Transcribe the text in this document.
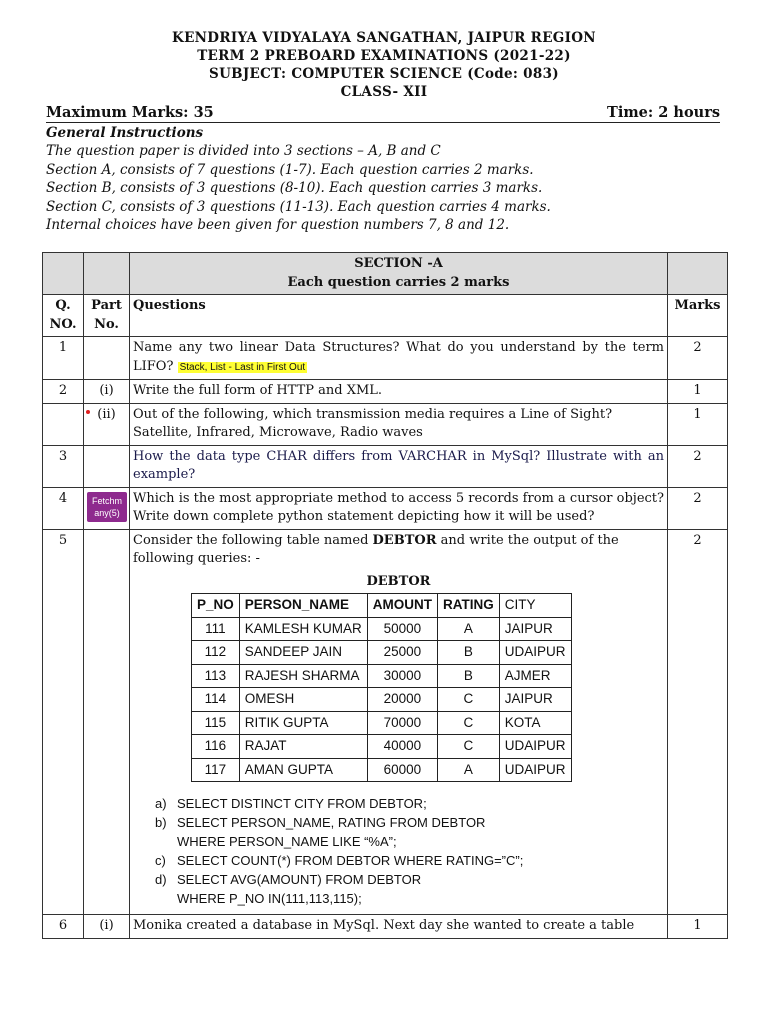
KENDRIYA VIDYALAYA SANGATHAN, JAIPUR REGION
TERM 2 PREBOARD EXAMINATIONS (2021-22)
SUBJECT: COMPUTER SCIENCE (Code: 083)
CLASS- XII
Maximum Marks: 35	Time: 2 hours
General Instructions
The question paper is divided into 3 sections – A, B and C
Section A, consists of 7 questions (1-7). Each question carries 2 marks.
Section B, consists of 3 questions (8-10). Each question carries 3 marks.
Section C, consists of 3 questions (11-13). Each question carries 4 marks.
Internal choices have been given for question numbers 7, 8 and 12.

SECTION -A
Each question carries 2 marks

Q. NO.	Part No.	Questions	Marks
1		Name any two linear Data Structures? What do you understand by the term LIFO? Stack, List - Last in First Out	2
2	(i)	Write the full form of HTTP and XML.	1
	(ii)	Out of the following, which transmission media requires a Line of Sight? Satellite, Infrared, Microwave, Radio waves	1
3		How the data type CHAR differs from VARCHAR in MySql? Illustrate with an example?	2
4	Fetchm any(5)	Which is the most appropriate method to access 5 records from a cursor object? Write down complete python statement depicting how it will be used?	2
5		Consider the following table named DEBTOR and write the output of the following queries: -
DEBTOR
P_NO	PERSON_NAME	AMOUNT	RATING	CITY
111	KAMLESH KUMAR	50000	A	JAIPUR
112	SANDEEP JAIN	25000	B	UDAIPUR
113	RAJESH SHARMA	30000	B	AJMER
114	OMESH	20000	C	JAIPUR
115	RITIK GUPTA	70000	C	KOTA
116	RAJAT	40000	C	UDAIPUR
117	AMAN GUPTA	60000	A	UDAIPUR
a) SELECT DISTINCT CITY FROM DEBTOR;
b) SELECT PERSON_NAME, RATING FROM DEBTOR
WHERE PERSON_NAME LIKE “%A”;
c) SELECT COUNT(*) FROM DEBTOR WHERE RATING=”C”;
d) SELECT AVG(AMOUNT) FROM DEBTOR
WHERE P_NO IN(111,113,115);
	2
6	(i)	Monika created a database in MySql. Next day she wanted to create a table	1
